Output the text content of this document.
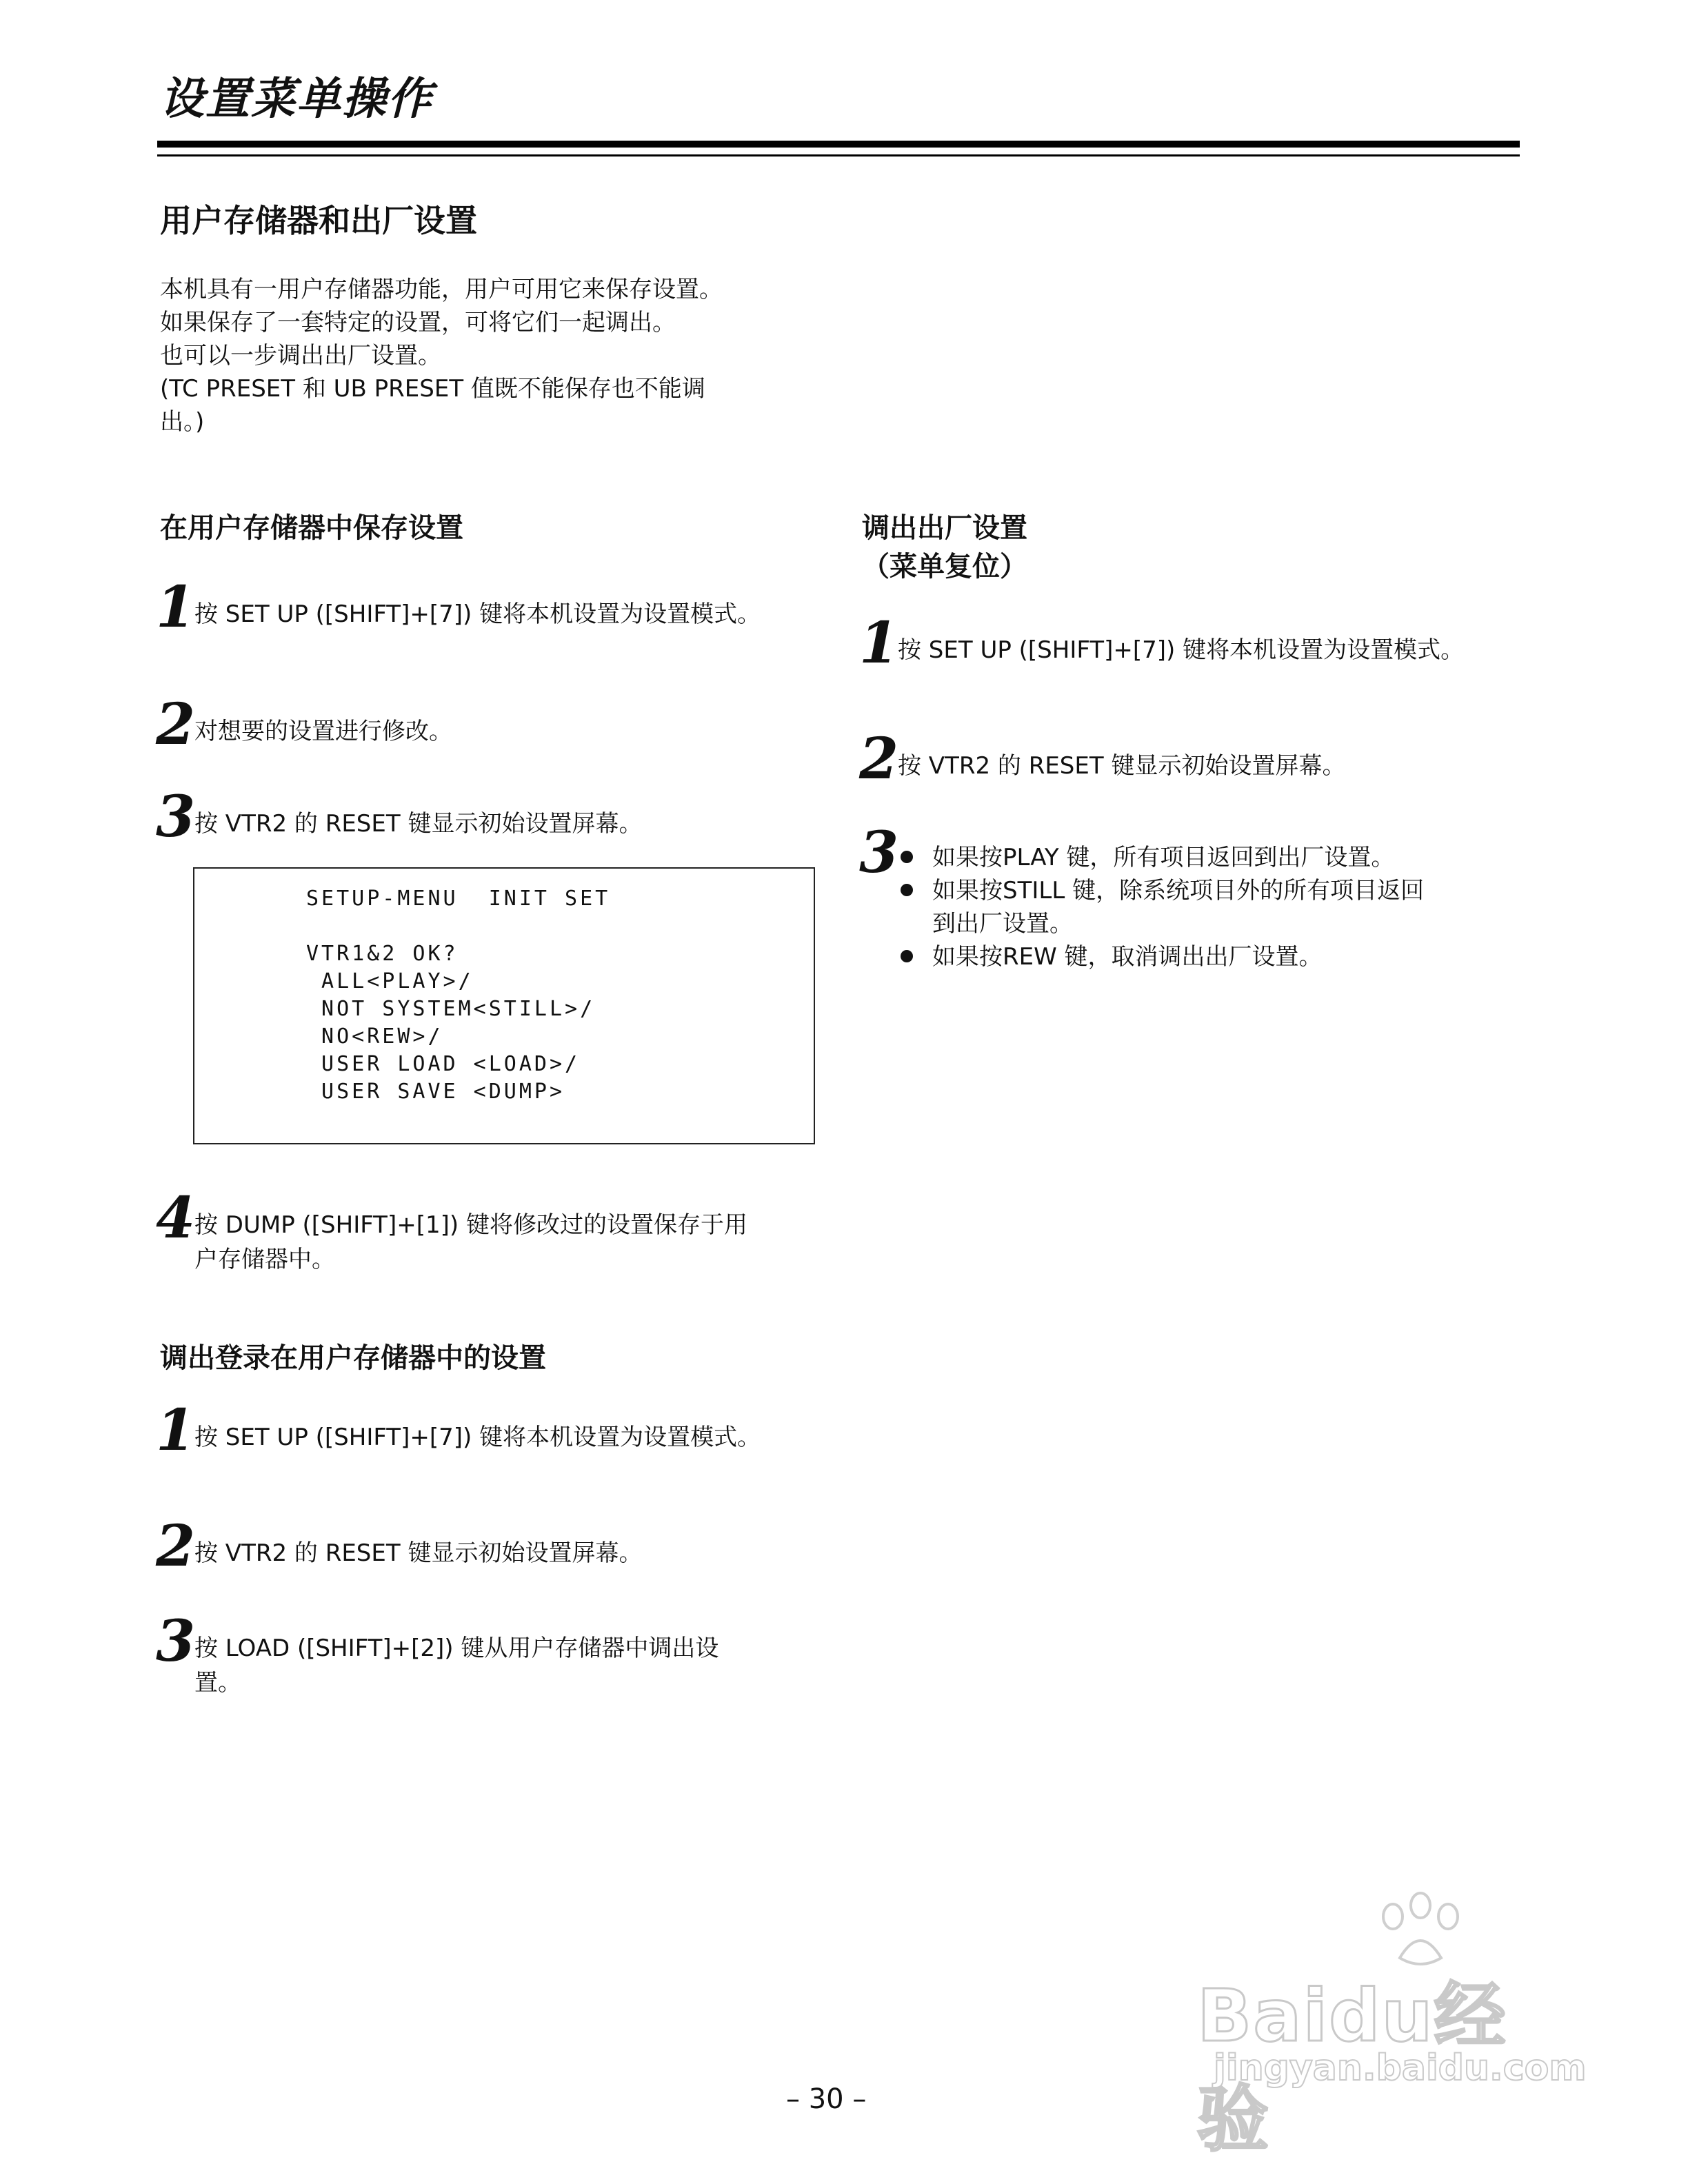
设置菜单操作
用户存储器和出厂设置
本机具有一用户存储器功能，用户可用它来保存设置。
如果保存了一套特定的设置，可将它们一起调出。
也可以一步调出出厂设置。
(TC PRESET 和 UB PRESET 值既不能保存也不能调
出。)
在用户存储器中保存设置
1
按 SET UP ([SHIFT]+[7]) 键将本机设置为设置模式。
2
对想要的设置进行修改。
3
按 VTR2 的 RESET 键显示初始设置屏幕。
SETUP-MENU  INIT SET
VTR1&2 OK?
ALL<PLAY>/
NOT SYSTEM<STILL>/
NO<REW>/
USER LOAD <LOAD>/
USER SAVE <DUMP>
4
按 DUMP ([SHIFT]+[1]) 键将修改过的设置保存于用
户存储器中。
调出登录在用户存储器中的设置
1
按 SET UP ([SHIFT]+[7]) 键将本机设置为设置模式。
2
按 VTR2 的 RESET 键显示初始设置屏幕。
3
按 LOAD ([SHIFT]+[2]) 键从用户存储器中调出设
置。
调出出厂设置
（菜单复位）
1
按 SET UP ([SHIFT]+[7]) 键将本机设置为设置模式。
2
按 VTR2 的 RESET 键显示初始设置屏幕。
3 如果按PLAY 键，所有项目返回到出厂设置。
如果按STILL 键，除系统项目外的所有项目返回
到出厂设置。
如果按REW 键，取消调出出厂设置。
Baidu经验
jingyan.baidu.com
– 30 –
